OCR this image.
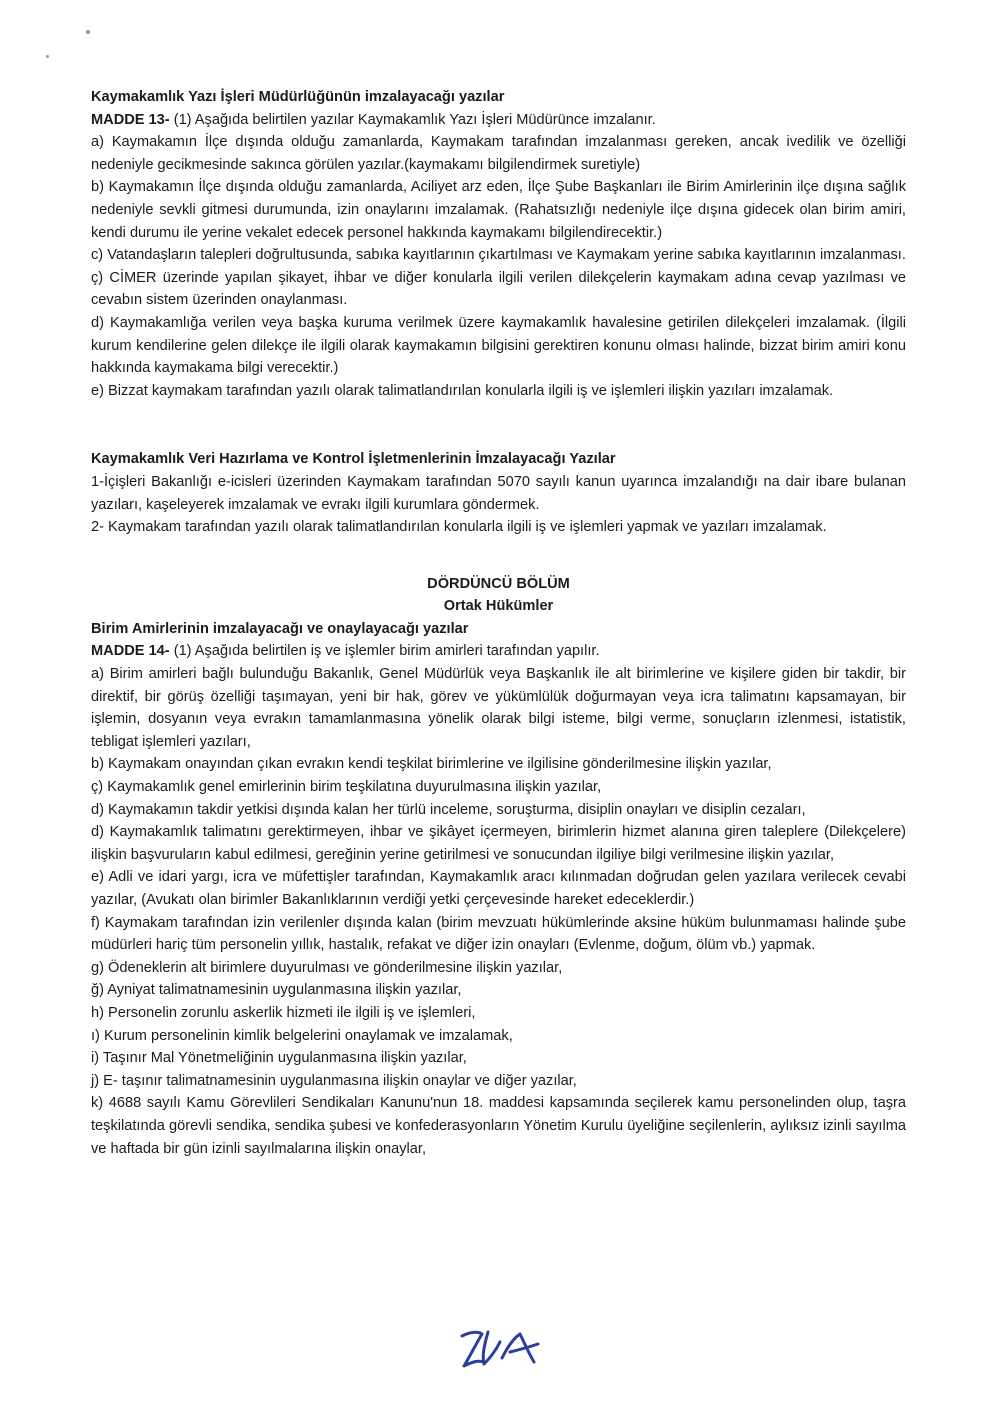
Kaymakamlık Yazı İşleri Müdürlüğünün imzalayacağı yazılar

MADDE 13- (1) Aşağıda belirtilen yazılar Kaymakamlık Yazı İşleri Müdürünce imzalanır.

a) Kaymakamın İlçe dışında olduğu zamanlarda, Kaymakam tarafından imzalanması gereken, ancak ivedilik ve özelliği nedeniyle gecikmesinde sakınca görülen yazılar.(kaymakamı bilgilendirmek suretiyle)

b) Kaymakamın İlçe dışında olduğu zamanlarda, Aciliyet arz eden, İlçe Şube Başkanları ile Birim Amirlerinin ilçe dışına sağlık nedeniyle sevkli gitmesi durumunda, izin onaylarını imzalamak. (Rahatsızlığı nedeniyle ilçe dışına gidecek olan birim amiri, kendi durumu ile yerine vekalet edecek personel hakkında kaymakamı bilgilendirecektir.)

c) Vatandaşların talepleri doğrultusunda, sabıka kayıtlarının çıkartılması ve Kaymakam yerine sabıka kayıtlarının imzalanması.

ç) CİMER üzerinde yapılan şikayet, ihbar ve diğer konularla ilgili verilen dilekçelerin kaymakam adına cevap yazılması ve cevabın sistem üzerinden onaylanması.

d) Kaymakamlığa verilen veya başka kuruma verilmek üzere kaymakamlık havalesine getirilen dilekçeleri imzalamak. (İlgili kurum kendilerine gelen dilekçe ile ilgili olarak kaymakamın bilgisini gerektiren konunu olması halinde, bizzat birim amiri konu hakkında kaymakama bilgi verecektir.)

e) Bizzat kaymakam tarafından yazılı olarak talimatlandırılan konularla ilgili iş ve işlemleri ilişkin yazıları imzalamak.

Kaymakamlık Veri Hazırlama ve Kontrol İşletmenlerinin İmzalayacağı Yazılar

1-İçişleri Bakanlığı e-icisleri üzerinden Kaymakam tarafından 5070 sayılı kanun uyarınca imzalandığı na dair ibare bulanan yazıları, kaşeleyerek imzalamak ve evrakı ilgili kurumlara göndermek.

2- Kaymakam tarafından yazılı olarak talimatlandırılan konularla ilgili iş ve işlemleri yapmak ve yazıları imzalamak.

DÖRDÜNCÜ BÖLÜM

Ortak Hükümler

Birim Amirlerinin imzalayacağı ve onaylayacağı yazılar

MADDE 14- (1) Aşağıda belirtilen iş ve işlemler birim amirleri tarafından yapılır.

a) Birim amirleri bağlı bulunduğu Bakanlık, Genel Müdürlük veya Başkanlık ile alt birimlerine ve kişilere giden bir takdir, bir direktif, bir görüş özelliği taşımayan, yeni bir hak, görev ve yükümlülük doğurmayan veya icra talimatını kapsamayan, bir işlemin, dosyanın veya evrakın tamamlanmasına yönelik olarak bilgi isteme, bilgi verme, sonuçların izlenmesi, istatistik, tebligat işlemleri yazıları,

b) Kaymakam onayından çıkan evrakın kendi teşkilat birimlerine ve ilgilisine gönderilmesine ilişkin yazılar,

ç) Kaymakamlık genel emirlerinin birim teşkilatına duyurulmasına ilişkin yazılar,

d) Kaymakamın takdir yetkisi dışında kalan her türlü inceleme, soruşturma, disiplin onayları ve disiplin cezaları,

d) Kaymakamlık talimatını gerektirmeyen, ihbar ve şikâyet içermeyen, birimlerin hizmet alanına giren taleplere (Dilekçelere) ilişkin başvuruların kabul edilmesi, gereğinin yerine getirilmesi ve sonucundan ilgiliye bilgi verilmesine ilişkin yazılar,

e) Adli ve idari yargı, icra ve müfettişler tarafından, Kaymakamlık aracı kılınmadan doğrudan gelen yazılara verilecek cevabi yazılar, (Avukatı olan birimler Bakanlıklarının verdiği yetki çerçevesinde hareket edeceklerdir.)

f) Kaymakam tarafından izin verilenler dışında kalan (birim mevzuatı hükümlerinde aksine hüküm bulunmaması halinde şube müdürleri hariç tüm personelin yıllık, hastalık, refakat ve diğer izin onayları (Evlenme, doğum, ölüm vb.) yapmak.

g) Ödeneklerin alt birimlere duyurulması ve gönderilmesine ilişkin yazılar,

ğ) Ayniyat talimatnamesinin uygulanmasına ilişkin yazılar,

h) Personelin zorunlu askerlik hizmeti ile ilgili iş ve işlemleri,

ı) Kurum personelinin kimlik belgelerini onaylamak ve imzalamak,

i) Taşınır Mal Yönetmeliğinin uygulanmasına ilişkin yazılar,

j) E- taşınır talimatnamesinin uygulanmasına ilişkin onaylar ve diğer yazılar,

k) 4688 sayılı Kamu Görevlileri Sendikaları Kanunu'nun 18. maddesi kapsamında seçilerek kamu personelinden olup, taşra teşkilatında görevli sendika, sendika şubesi ve konfederasyonların Yönetim Kurulu üyeliğine seçilenlerin, aylıksız izinli sayılma ve haftada bir gün izinli sayılmalarına ilişkin onaylar,
